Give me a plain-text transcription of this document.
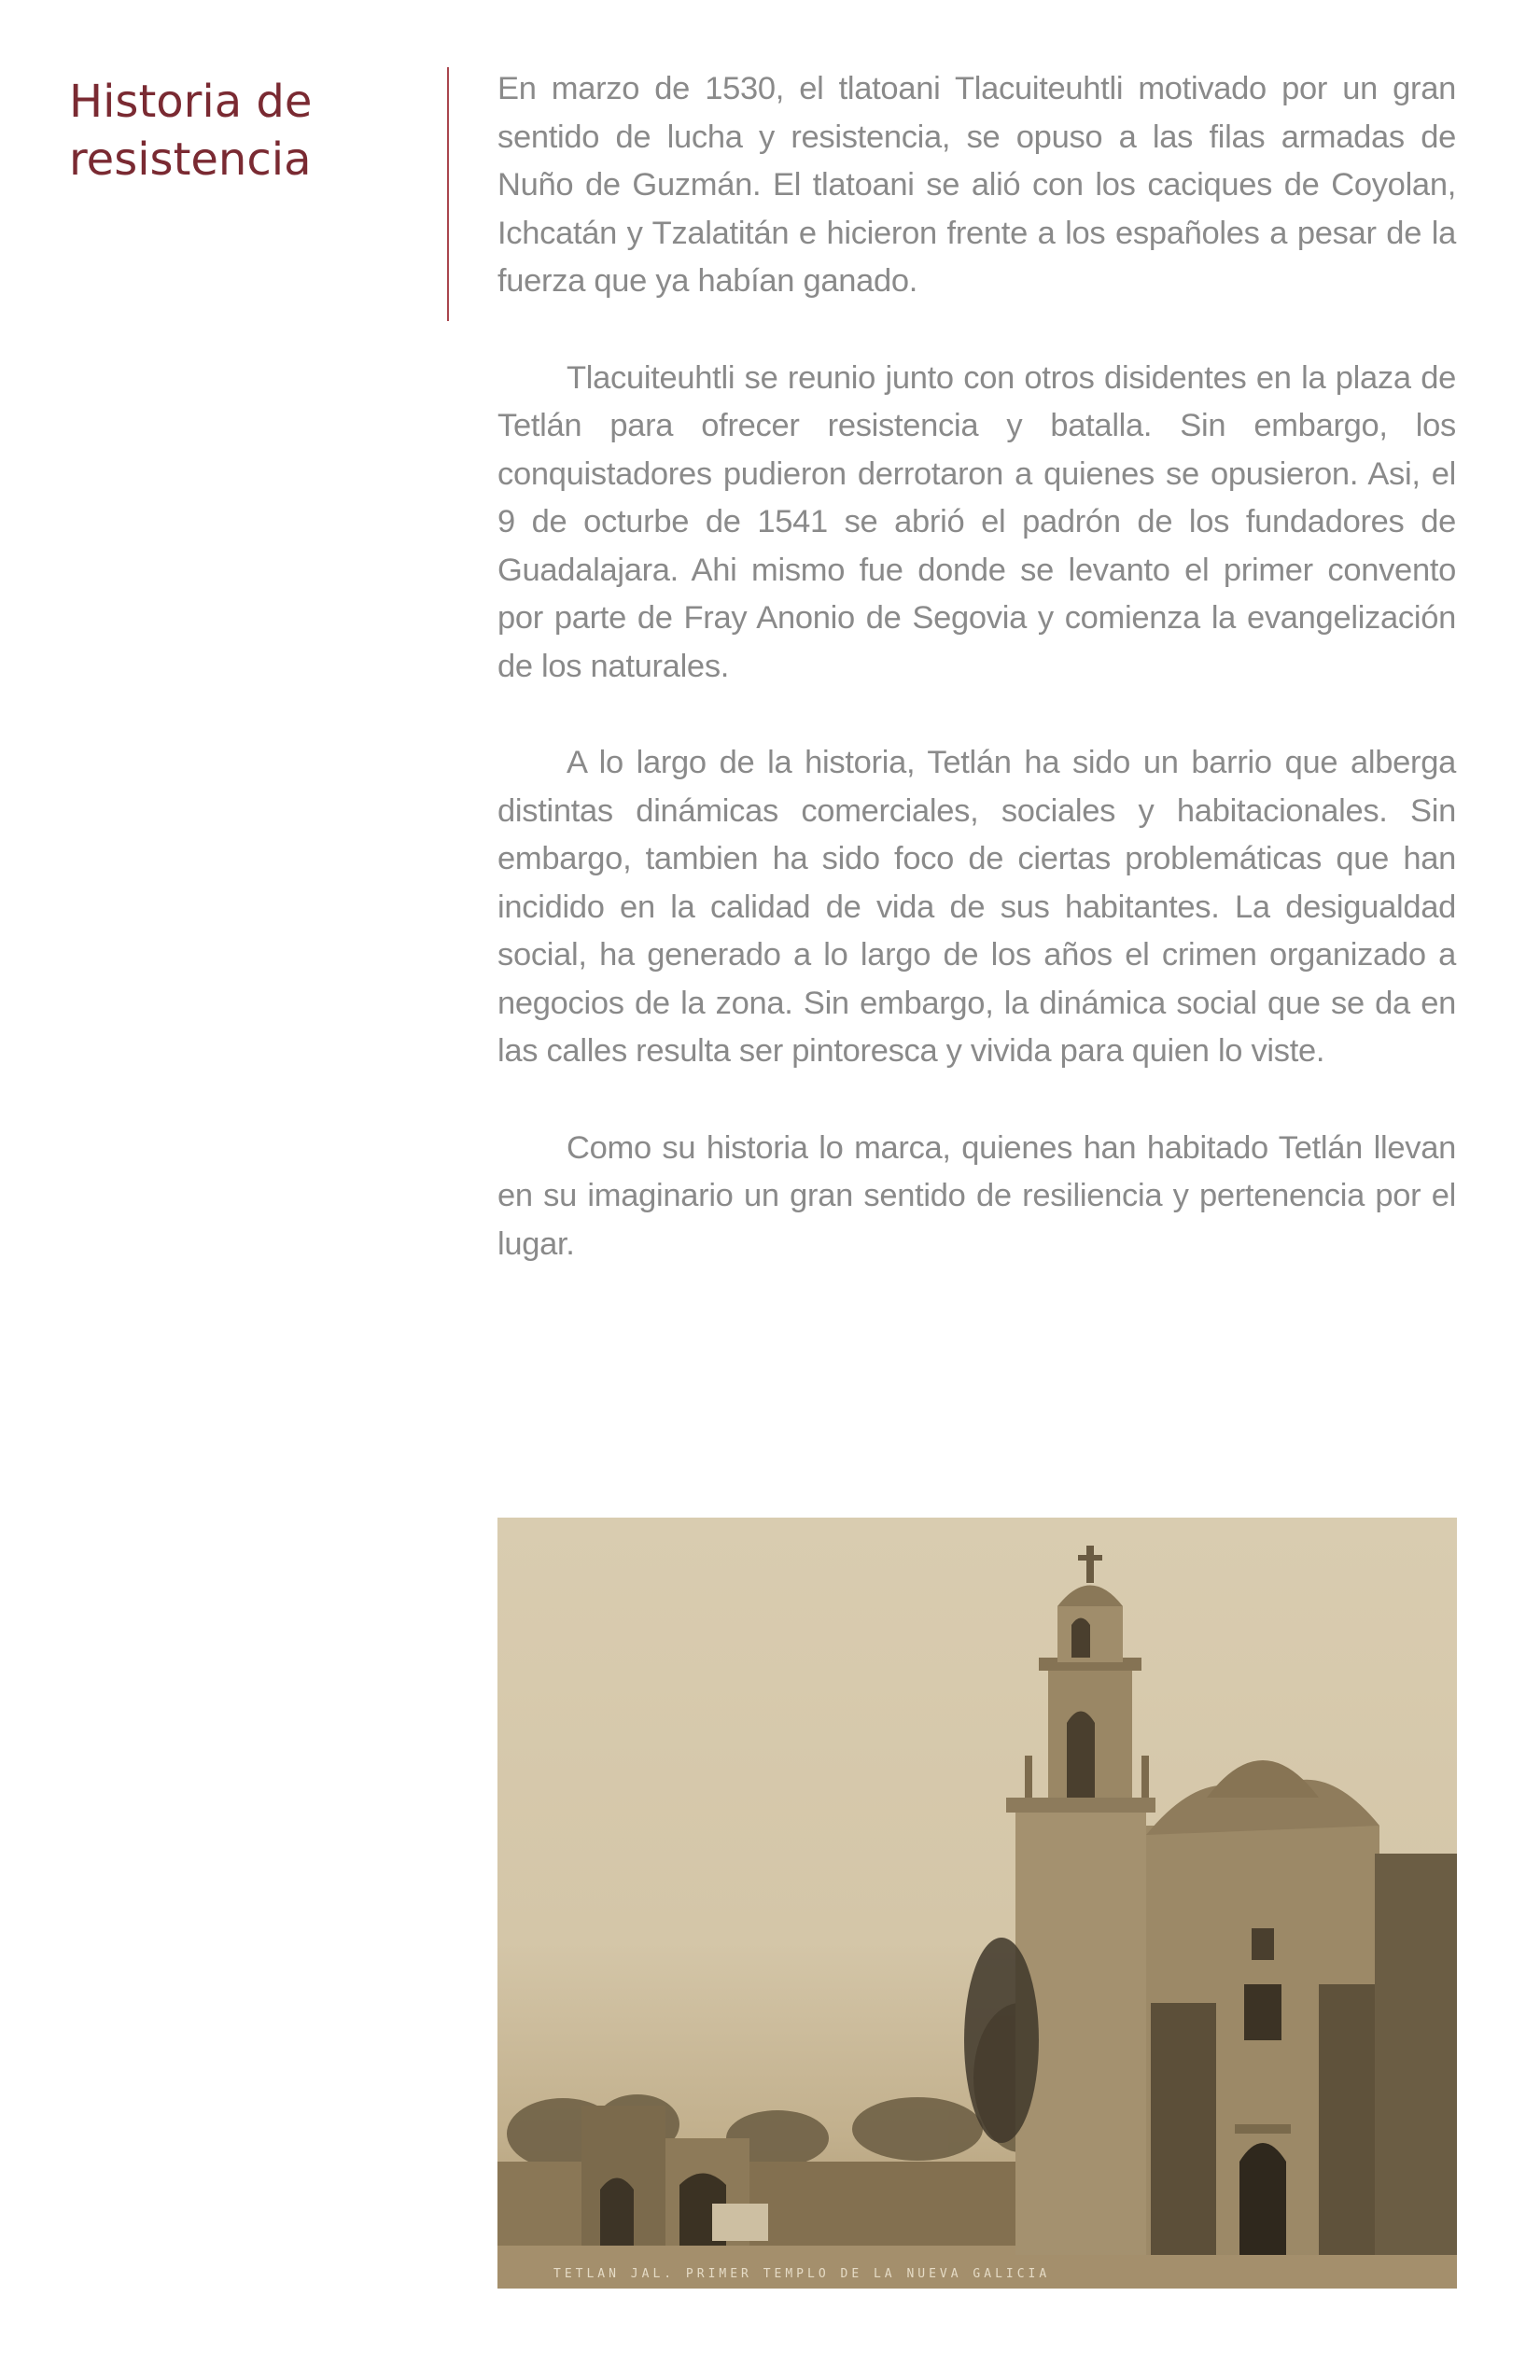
Historia de resistencia

En marzo de 1530, el tlatoani Tlacuiteuhtli motivado por un gran sentido de lucha y resistencia, se opuso a las filas armadas de Nuño de Guzmán. El tlatoani se alió con los caciques de Coyolan, Ichcatán y Tzalatitán e hicieron frente a los españoles a pesar de la fuerza que ya habían ganado.

Tlacuiteuhtli se reunio junto con otros disidentes en la plaza de Tetlán para ofrecer resistencia y batalla. Sin embargo, los conquistadores pudieron derrotaron a quienes se opusieron. Asi, el 9 de octurbe de 1541 se abrió el padrón de los fundadores de Guadalajara. Ahi mismo fue donde se levanto el primer convento por parte de Fray Anonio de Segovia y comienza la evangelización de los naturales.

A lo largo de la historia, Tetlán ha sido un barrio que alberga distintas dinámicas comerciales, sociales y habitacionales. Sin embargo, tambien ha sido foco de ciertas problemáticas que han incidido en la calidad de vida de sus habitantes. La desigualdad social, ha generado a lo largo de los años el crimen organizado a negocios de la zona. Sin embargo, la dinámica social que se da en las calles resulta ser pintoresca y vivida para quien lo viste.

Como su historia lo marca, quienes han habitado Tetlán llevan en su imaginario un gran sentido de resiliencia y pertenencia por el lugar.

TETLAN JAL. PRIMER TEMPLO DE LA NUEVA GALICIA
